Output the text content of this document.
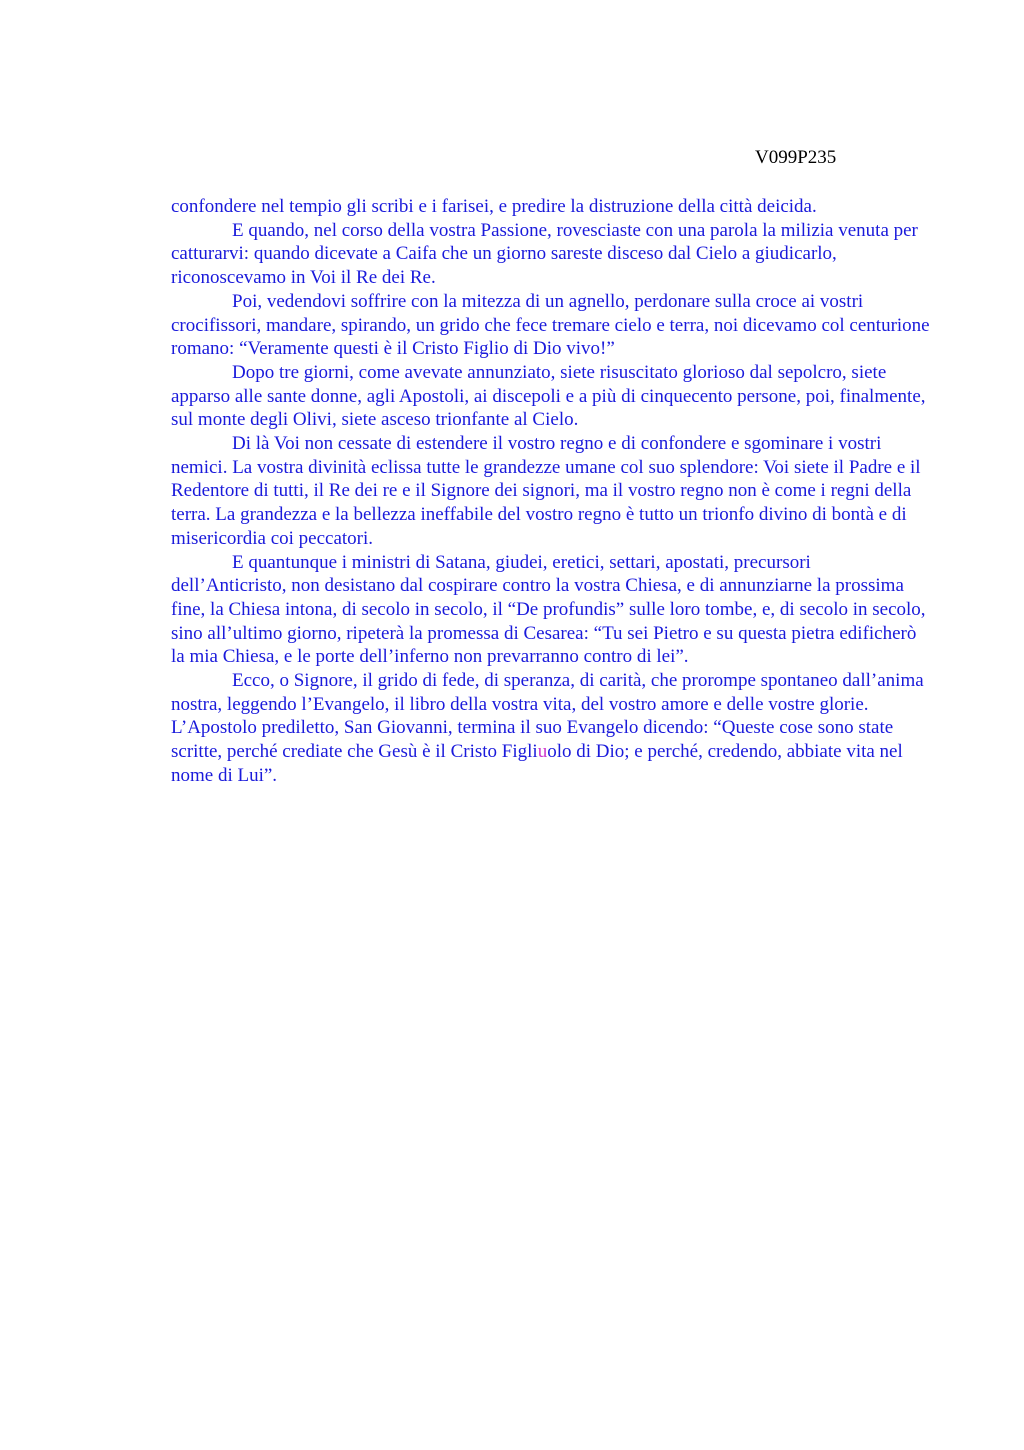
V099P235

confondere nel tempio gli scribi e i farisei, e predire la distruzione della città deicida.

E quando, nel corso della vostra Passione, rovesciaste con una parola la milizia venuta per catturarvi: quando dicevate a Caifa che un giorno sareste disceso dal Cielo a giudicarlo, riconoscevamo in Voi il Re dei Re.

Poi, vedendovi soffrire con la mitezza di un agnello, perdonare sulla croce ai vostri crocifissori, mandare, spirando, un grido che fece tremare cielo e terra, noi dicevamo col centurione romano: “Veramente questi è il Cristo Figlio di Dio vivo!”

Dopo tre giorni, come avevate annunziato, siete risuscitato glorioso dal sepolcro, siete apparso alle sante donne, agli Apostoli, ai discepoli e a più di cinquecento persone, poi, finalmente, sul monte degli Olivi, siete asceso trionfante al Cielo.

Di là Voi non cessate di estendere il vostro regno e di confondere e sgominare i vostri nemici. La vostra divinità eclissa tutte le grandezze umane col suo splendore: Voi siete il Padre e il Redentore di tutti, il Re dei re e il Signore dei signori, ma il vostro regno non è come i regni della terra. La grandezza e la bellezza ineffabile del vostro regno è tutto un trionfo divino di bontà e di misericordia coi peccatori.

E quantunque i ministri di Satana, giudei, eretici, settari, apostati, precursori dell’Anticristo, non desistano dal cospirare contro la vostra Chiesa, e di annunziarne la prossima fine, la Chiesa intona, di secolo in secolo, il “De profundis” sulle loro tombe, e, di secolo in secolo, sino all’ultimo giorno, ripeterà la promessa di Cesarea: “Tu sei Pietro e su questa pietra edificherò la mia Chiesa, e le porte dell’inferno non prevarranno contro di lei”.

Ecco, o Signore, il grido di fede, di speranza, di carità, che prorompe spontaneo dall’anima nostra, leggendo l’Evangelo, il libro della vostra vita, del vostro amore e delle vostre glorie. L’Apostolo prediletto, San Giovanni, termina il suo Evangelo dicendo: “Queste cose sono state scritte, perché crediate che Gesù è il Cristo Figliuolo di Dio; e perché, credendo, abbiate vita nel nome di Lui”.
